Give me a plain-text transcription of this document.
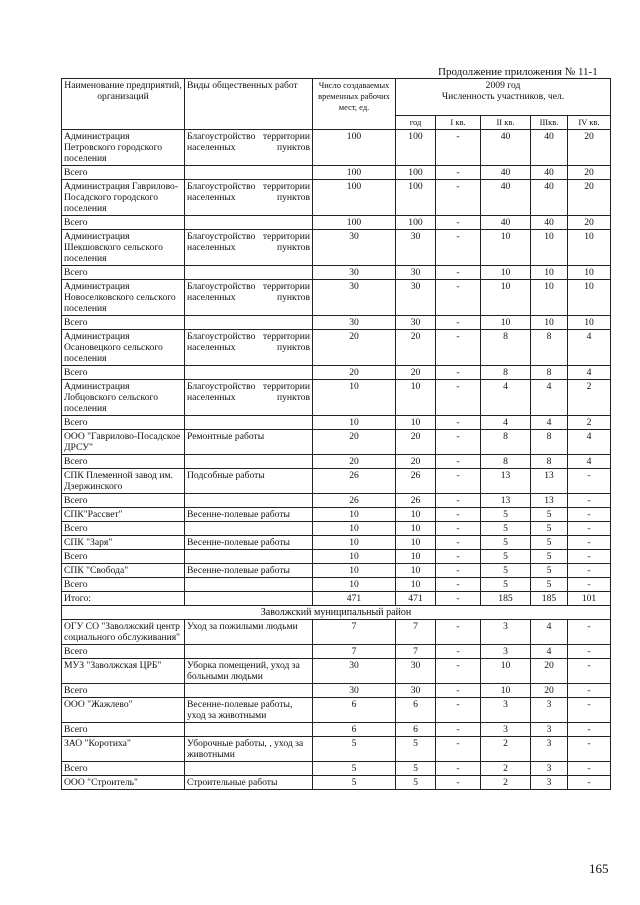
Продолжение приложения № 11-1
Наименование предприятий, организаций	Виды общественных работ	Число создаваемых временных рабочих мест, ед.	2009 год
Численность участников, чел.				

			год	I кв.	II кв.	IIIкв.	IV кв.
Администрация Петровского городского поселения	Благоустройство территории населенных пунктов	100	100	-	40	40	20
Всего		100	100	-	40	40	20
Администрация Гаврилово-Посадского городского поселения	Благоустройство территории населенных пунктов	100	100	-	40	40	20
Всего		100	100	-	40	40	20
Администрация Шекшовского сельского поселения	Благоустройство территории населенных пунктов	30	30	-	10	10	10
Всего		30	30	-	10	10	10
Администрация Новоселковского сельского поселения	Благоустройство территории населенных пунктов	30	30	-	10	10	10
Всего		30	30	-	10	10	10
Администрация Осановецкого сельского поселения	Благоустройство территории населенных пунктов	20	20	-	8	8	4
Всего		20	20	-	8	8	4
Администрация Лобцовского сельского поселения	Благоустройство территории населенных пунктов	10	10	-	4	4	2
Всего		10	10	-	4	4	2
ООО "Гаврилово-Посадское ДРСУ"	Ремонтные работы	20	20	-	8	8	4
Всего		20	20	-	8	8	4
СПК Племенной завод им. Дзержинского	Подсобные работы	26	26	-	13	13	-
Всего		26	26	-	13	13	-
СПК"Рассвет"	Весенне-полевые работы	10	10	-	5	5	-
Всего		10	10	-	5	5	-
СПК "Заря"	Весенне-полевые работы	10	10	-	5	5	-
Всего		10	10	-	5	5	-
СПК "Свобода"	Весенне-полевые работы	10	10	-	5	5	-
Всего		10	10	-	5	5	-
Итого:		471	471	-	185	185	101
Заволжский муниципальный район							
ОГУ СО "Заволжский центр социального обслуживания"	Уход за пожилыми людьми	7	7	-	3	4	-
Всего		7	7	-	3	4	-
МУЗ "Заволжская ЦРБ"	Уборка помещений, уход за больными людьми	30	30	-	10	20	-
Всего		30	30	-	10	20	-
ООО "Жажлево"	Весенне-полевые работы, уход за животными	6	6	-	3	3	-
Всего		6	6	-	3	3	-
ЗАО "Коротиха"	Уборочные работы, , уход за животными	5	5	-	2	3	-
Всего		5	5	-	2	3	-
ООО "Строитель"	Строительные работы	5	5	-	2	3	-
165
